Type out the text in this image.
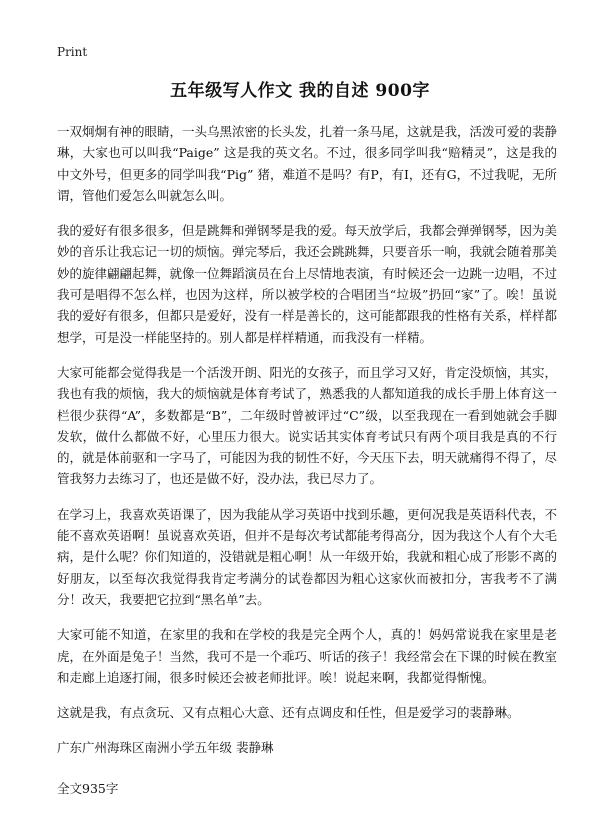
Print
五年级写人作文 我的自述 900字

一双炯炯有神的眼睛，一头乌黑浓密的长头发，扎着一条马尾，这就是我，活泼可爱的裴静琳，大家也可以叫我“Paige” 这是我的英文名。不过，很多同学叫我“赔精灵”，这是我的中文外号，但更多的同学叫我“Pig” 猪，难道不是吗？有P，有I，还有G，不过我呢，无所谓，管他们爱怎么叫就怎么叫。

我的爱好有很多很多，但是跳舞和弹钢琴是我的爱。每天放学后，我都会弹弹钢琴，因为美妙的音乐让我忘记一切的烦恼。弹完琴后，我还会跳跳舞，只要音乐一响，我就会随着那美妙的旋律翩翩起舞，就像一位舞蹈演员在台上尽情地表演，有时候还会一边跳一边唱，不过我可是唱得不怎么样，也因为这样，所以被学校的合唱团当“垃圾”扔回“家”了。唉！虽说我的爱好有很多，但都只是爱好，没有一样是善长的，这可能都跟我的性格有关系，样样都想学，可是没一样能坚持的。别人都是样样精通，而我没有一样精。

大家可能都会觉得我是一个活泼开朗、阳光的女孩子，而且学习又好，肯定没烦恼，其实，我也有我的烦恼，我大的烦恼就是体育考试了，熟悉我的人都知道我的成长手册上体育这一栏很少获得“A”，多数都是“B”，二年级时曾被评过“C”级，以至我现在一看到她就会手脚发软，做什么都做不好，心里压力很大。说实话其实体育考试只有两个项目我是真的不行的，就是体前驱和一字马了，可能因为我的韧性不好，今天压下去，明天就痛得不得了，尽管我努力去练习了，也还是做不好，没办法，我已尽力了。

在学习上，我喜欢英语课了，因为我能从学习英语中找到乐趣，更何况我是英语科代表，不能不喜欢英语啊！虽说喜欢英语，但并不是每次考试都能考得高分，因为我这个人有个大毛病，是什么呢？你们知道的，没错就是粗心啊！从一年级开始，我就和粗心成了形影不离的好朋友，以至每次我觉得我肯定考满分的试卷都因为粗心这家伙而被扣分，害我考不了满分！改天，我要把它拉到“黑名单”去。

大家可能不知道，在家里的我和在学校的我是完全两个人，真的！妈妈常说我在家里是老虎，在外面是兔子！当然，我可不是一个乖巧、听话的孩子！我经常会在下课的时候在教室和走廊上追逐打闹，很多时候还会被老师批评。唉！说起来啊，我都觉得惭愧。

这就是我，有点贪玩、又有点粗心大意、还有点调皮和任性，但是爱学习的裴静琳。

广东广州海珠区南洲小学五年级 裴静琳
全文935字
